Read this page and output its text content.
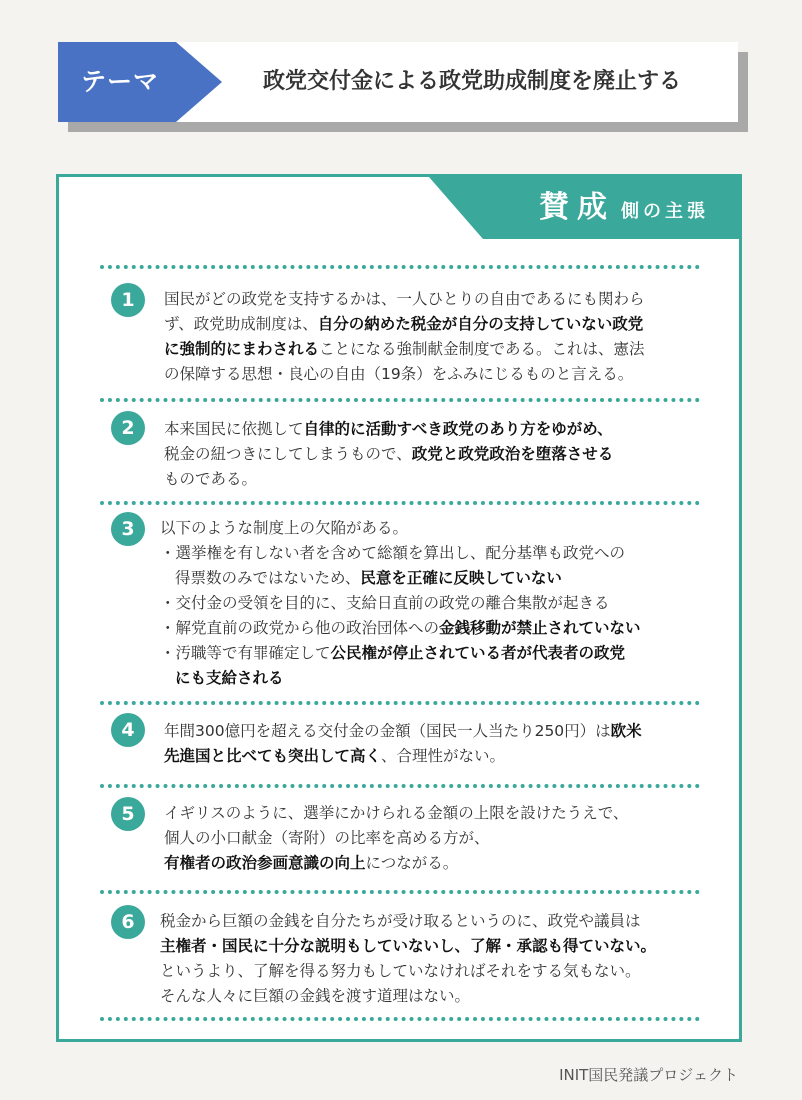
テーマ	政党交付金による政党助成制度を廃止する
賛成 側の主張
1	国民がどの政党を支持するかは、一人ひとりの自由であるにも関わら
ず、政党助成制度は、自分の納めた税金が自分の支持していない政党
に強制的にまわされることになる強制献金制度である。これは、憲法
の保障する思想・良心の自由（19条）をふみにじるものと言える。
2	本来国民に依拠して自律的に活動すべき政党のあり方をゆがめ、
税金の紐つきにしてしまうもので、政党と政党政治を堕落させる
ものである。
3	以下のような制度上の欠陥がある。
・選挙権を有しない者を含めて総額を算出し、配分基準も政党への
得票数のみではないため、民意を正確に反映していない
・交付金の受領を目的に、支給日直前の政党の離合集散が起きる
・解党直前の政党から他の政治団体への金銭移動が禁止されていない
・汚職等で有罪確定して公民権が停止されている者が代表者の政党
にも支給される
4	年間300億円を超える交付金の金額（国民一人当たり250円）は欧米
先進国と比べても突出して高く、合理性がない。
5	イギリスのように、選挙にかけられる金額の上限を設けたうえで、
個人の小口献金（寄附）の比率を高める方が、
有権者の政治参画意識の向上につながる。
6	税金から巨額の金銭を自分たちが受け取るというのに、政党や議員は
主権者・国民に十分な説明もしていないし、了解・承認も得ていない。
というより、了解を得る努力もしていなければそれをする気もない。
そんな人々に巨額の金銭を渡す道理はない。
INIT国民発議プロジェクト
